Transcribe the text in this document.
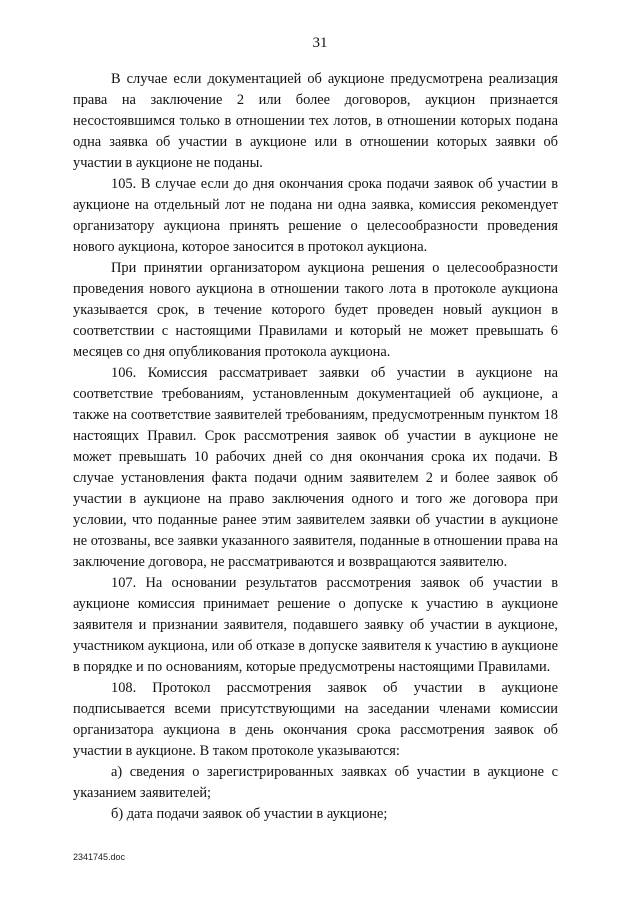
31

В случае если документацией об аукционе предусмотрена реализация права на заключение 2 или более договоров, аукцион признается несостоявшимся только в отношении тех лотов, в отношении которых подана одна заявка об участии в аукционе или в отношении которых заявки об участии в аукционе не поданы.

105. В случае если до дня окончания срока подачи заявок об участии в аукционе на отдельный лот не подана ни одна заявка, комиссия рекомендует организатору аукциона принять решение о целесообразности проведения нового аукциона, которое заносится в протокол аукциона.

При принятии организатором аукциона решения о целесообразности проведения нового аукциона в отношении такого лота в протоколе аукциона указывается срок, в течение которого будет проведен новый аукцион в соответствии с настоящими Правилами и который не может превышать 6 месяцев со дня опубликования протокола аукциона.

106. Комиссия рассматривает заявки об участии в аукционе на соответствие требованиям, установленным документацией об аукционе, а также на соответствие заявителей требованиям, предусмотренным пунктом 18 настоящих Правил. Срок рассмотрения заявок об участии в аукционе не может превышать 10 рабочих дней со дня окончания срока их подачи. В случае установления факта подачи одним заявителем 2 и более заявок об участии в аукционе на право заключения одного и того же договора при условии, что поданные ранее этим заявителем заявки об участии в аукционе не отозваны, все заявки указанного заявителя, поданные в отношении права на заключение договора, не рассматриваются и возвращаются заявителю.

107. На основании результатов рассмотрения заявок об участии в аукционе комиссия принимает решение о допуске к участию в аукционе заявителя и признании заявителя, подавшего заявку об участии в аукционе, участником аукциона, или об отказе в допуске заявителя к участию в аукционе в порядке и по основаниям, которые предусмотрены настоящими Правилами.

108. Протокол рассмотрения заявок об участии в аукционе подписывается всеми присутствующими на заседании членами комиссии организатора аукциона в день окончания срока рассмотрения заявок об участии в аукционе. В таком протоколе указываются:

а) сведения о зарегистрированных заявках об участии в аукционе с указанием заявителей;

б) дата подачи заявок об участии в аукционе;

2341745.doc
